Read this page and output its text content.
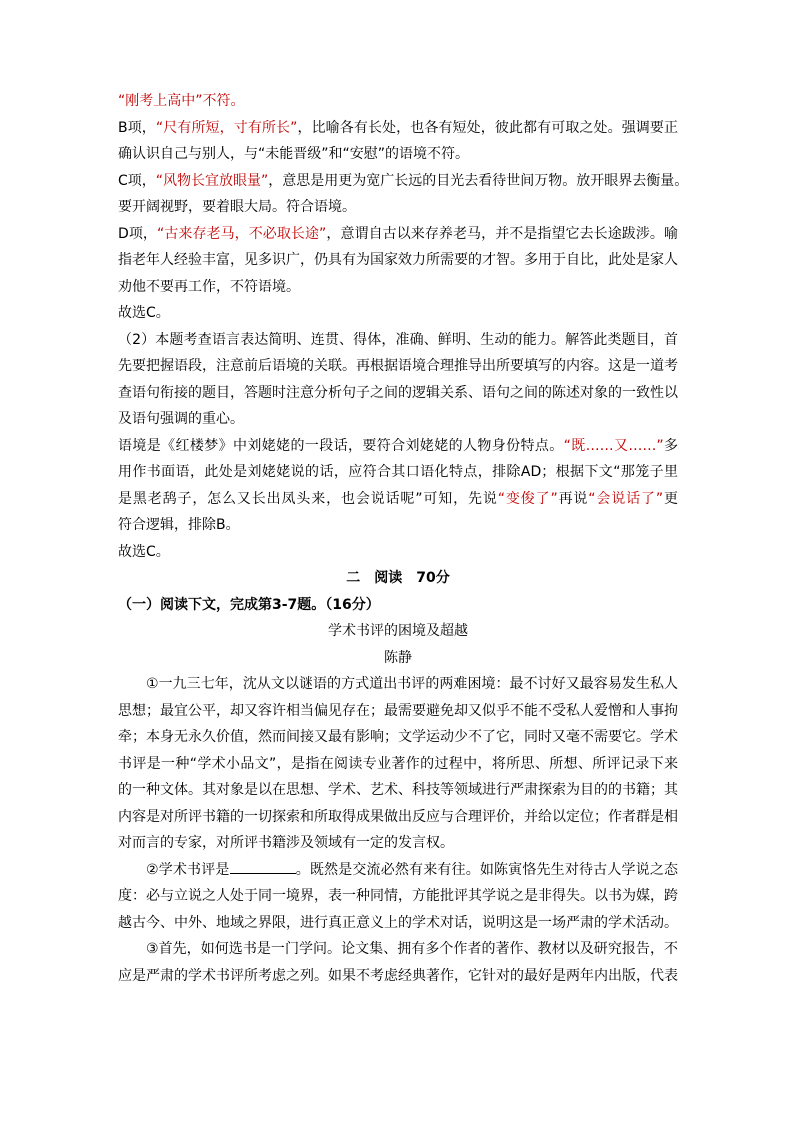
“刚考上高中”不符。
B项，“尺有所短，寸有所长”，比喻各有长处，也各有短处，彼此都有可取之处。强调要正
确认识自己与别人，与“未能晋级”和“安慰”的语境不符。
C项，“风物长宜放眼量”，意思是用更为宽广长远的目光去看待世间万物。放开眼界去衡量。
要开阔视野，要着眼大局。符合语境。
D项，“古来存老马，不必取长途”，意谓自古以来存养老马，并不是指望它去长途跋涉。喻
指老年人经验丰富，见多识广，仍具有为国家效力所需要的才智。多用于自比，此处是家人
劝他不要再工作，不符语境。
故选C。
（2）本题考查语言表达简明、连贯、得体，准确、鲜明、生动的能力。解答此类题目，首
先要把握语段，注意前后语境的关联。再根据语境合理推导出所要填写的内容。这是一道考
查语句衔接的题目，答题时注意分析句子之间的逻辑关系、语句之间的陈述对象的一致性以
及语句强调的重心。
语境是《红楼梦》中刘姥姥的一段话，要符合刘姥姥的人物身份特点。“既……又……”多
用作书面语，此处是刘姥姥说的话，应符合其口语化特点，排除AD；根据下文“那笼子里
是黑老鸹子，怎么又长出凤头来，也会说话呢”可知，先说“变俊了”再说“会说话了”更
符合逻辑，排除B。
故选C。
二　阅读　70分
（一）阅读下文，完成第3-7题。（16分）
学术书评的困境及超越
陈静
①一九三七年，沈从文以谜语的方式道出书评的两难困境：最不讨好又最容易发生私人
思想；最宜公平，却又容许相当偏见存在；最需要避免却又似乎不能不受私人爱憎和人事拘
牵；本身无永久价值，然而间接又最有影响；文学运动少不了它，同时又毫不需要它。学术
书评是一种“学术小品文”，是指在阅读专业著作的过程中，将所思、所想、所评记录下来
的一种文体。其对象是以在思想、学术、艺术、科技等领域进行严肃探索为目的的书籍；其
内容是对所评书籍的一切探索和所取得成果做出反应与合理评价，并给以定位；作者群是相
对而言的专家，对所评书籍涉及领域有一定的发言权。
②学术书评是	。既然是交流必然有来有往。如陈寅恪先生对待古人学说之态
度：必与立说之人处于同一境界，表一种同情，方能批评其学说之是非得失。以书为媒，跨
越古今、中外、地域之界限，进行真正意义上的学术对话，说明这是一场严肃的学术活动。
③首先，如何选书是一门学问。论文集、拥有多个作者的著作、教材以及研究报告，不
应是严肃的学术书评所考虑之列。如果不考虑经典著作，它针对的最好是两年内出版，代表
